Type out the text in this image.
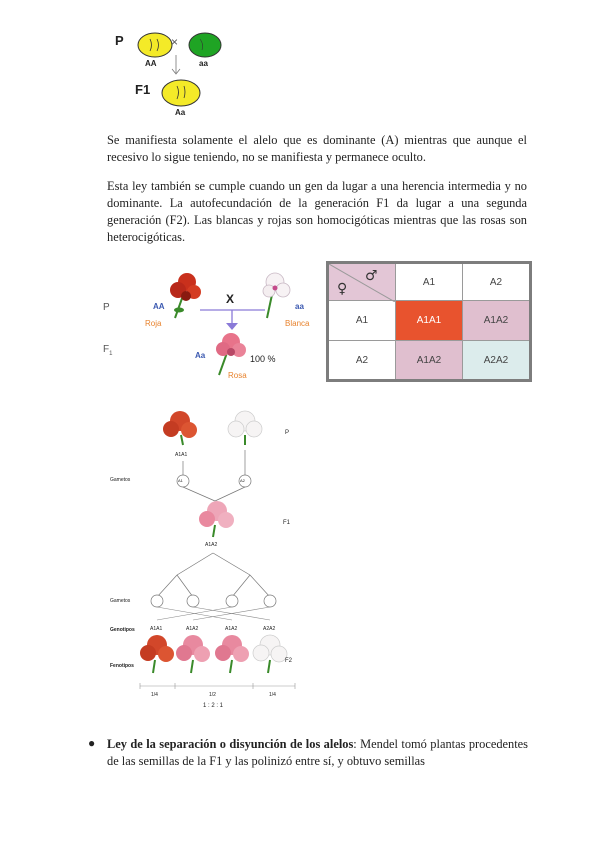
P	×
AA	aa
F1
Aa

Se manifiesta solamente el alelo que es dominante (A) mientras que aunque el recesivo lo sigue teniendo, no se manifiesta y permanece oculto.

Esta ley también se cumple cuando un gen da lugar a una herencia intermedia y no dominante. La autofecundación de la generación F1 da lugar a una segunda generación (F2). Las blancas y rojas son homocigóticas mientras que las rosas son heterocigóticas.

P	AA	aa
Roja	Blanca
X
$F_1$	Aa	100 %
Rosa
♂
♀	A1	A2
A1	A1A1	A1A2
A2	A1A2	A2A2
P
A1A1
Gametos	A1	A2
F1
A1A2
Gametos
Genotipos	A1A1	A1A2	A1A2	A2A2
Fenotipos
F2
1/4	1/2	1/4
1 : 2 : 1
● Ley de la separación o disyunción de los alelos: Mendel tomó plantas procedentes de las semillas de la F1 y las polinizó entre sí, y obtuvo semillas
